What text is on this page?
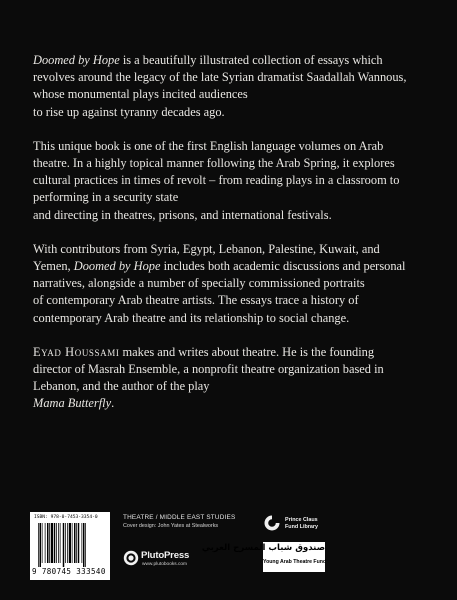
Doomed by Hope is a beautifully illustrated collection of essays which
revolves around the legacy of the late Syrian dramatist Saadallah Wannous,
whose monumental plays incited audiences
to rise up against tyranny decades ago.

This unique book is one of the first English language volumes on Arab
theatre. In a highly topical manner following the Arab Spring, it explores
cultural practices in times of revolt – from reading plays in a classroom to
performing in a security state
and directing in theatres, prisons, and international festivals.

With contributors from Syria, Egypt, Lebanon, Palestine, Kuwait, and
Yemen, Doomed by Hope includes both academic discussions and personal
narratives, alongside a number of specially commissioned portraits
of contemporary Arab theatre artists. The essays trace a history of
contemporary Arab theatre and its relationship to social change.

Eyad Houssami makes and writes about theatre. He is the founding
director of Masrah Ensemble, a nonprofit theatre organization based in
Lebanon, and the author of the play
Mama Butterfly.

ISBN: 978-0-7453-3354-0
9 780745 333540
THEATRE / MIDDLE EAST STUDIES
Cover design: John Yates at Stealworks
PlutoPress
www.plutobooks.com
Prince Claus
Fund Library
صندوق شباب المسرح العربي
Young Arab Theatre Fund
